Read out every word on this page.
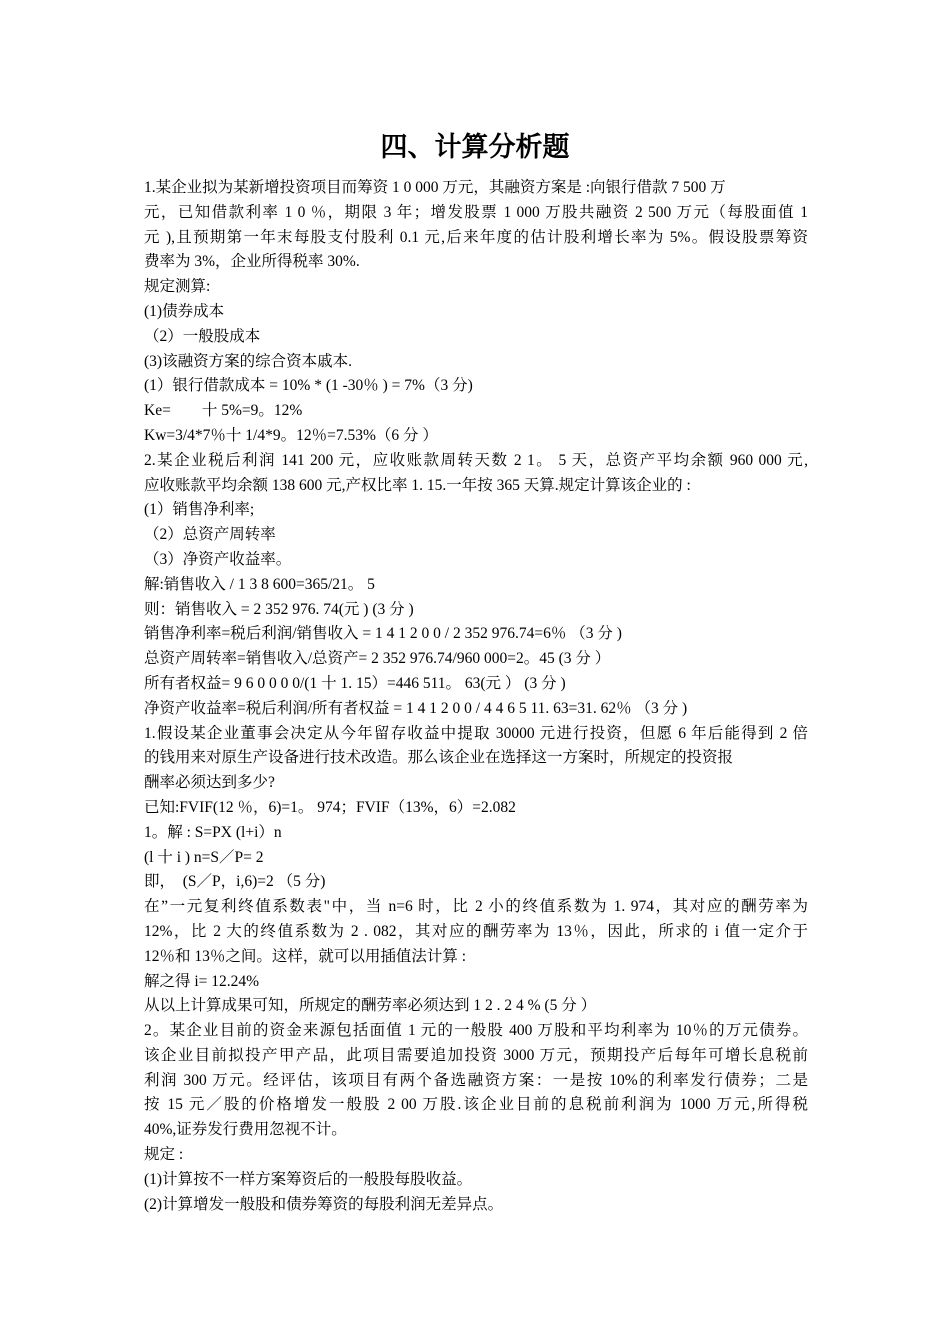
四、计算分析题
1.某企业拟为某新增投资项目而筹资 1 0 000 万元，其融资方案是 :向银行借款 7 500 万
元，已知借款利率 1 0 ％，期限 3 年；增发股票 1 000 万股共融资 2 500 万元（每股面值 1
元 ),且预期第一年末每股支付股利 0.1 元,后来年度的估计股利增长率为 5%。假设股票筹资
费率为 3%，企业所得税率 30%.
规定测算:
(1)债券成本
（2）一般股成本
(3)该融资方案的综合资本戚本.
(1）银行借款成本 = 10% * (1 -30％ ) = 7%（3 分)
Ke=　　十 5%=9。12%
Kw=3/4*7％十 1/4*9。12％=7.53%（6 分 ）
2.某企业税后利润 141 200 元，应收账款周转天数 2 1。 5 天，总资产平均余额 960 000 元,
应收账款平均余额 138 600 元,产权比率 1. 15.一年按 365 天算.规定计算该企业的 :
(1）销售净利率;
（2）总资产周转率
（3）净资产收益率。
解:销售收入 / 1 3 8 600=365/21。 5
则：销售收入 = 2 352 976. 74(元 ) (3 分 )
销售净利率=税后利润/销售收入 = 1 4 1 2 0 0 / 2 352 976.74=6％ （3 分 )
总资产周转率=销售收入/总资产= 2 352 976.74/960 000=2。45 (3 分 ）
所有者权益= 9 6 0 0 0 0/(1 十 1. 15）=446 511。 63(元 ） (3 分 )
净资产收益率=税后利润/所有者权益 = 1 4 1 2 0 0 / 4 4 6 5 11. 63=31. 62％ （3 分 )
1.假设某企业董事会决定从今年留存收益中提取 30000 元进行投资，但愿 6 年后能得到 2 倍
的钱用来对原生产设备进行技术改造。那么该企业在选择这一方案时，所规定的投资报
酬率必须达到多少?
已知:FVIF(12 ％，6)=1。 974；FVIF（13%，6）=2.082
1。解 : S=PX (l+i）n
(l 十 i ) n=S／P= 2
即，　(S／P，i,6)=2 （5 分)
在”一元复利终值系数表"中，当 n=6 时，比 2 小的终值系数为 1. 974，其对应的酬劳率为
12%，比 2 大的终值系数为 2 . 082，其对应的酬劳率为 13％，因此，所求的 i 值一定介于
12％和 13％之间。这样，就可以用插值法计算 :
解之得 i= 12.24%
从以上计算成果可知，所规定的酬劳率必须达到 1 2 . 2 4 % (5 分 ）
2。某企业目前的资金来源包括面值 1 元的一般股 400 万股和平均利率为 10％的万元债券。
该企业目前拟投产甲产品，此项目需要追加投资 3000 万元，预期投产后每年可增长息税前
利润 300 万元。经评估，该项目有两个备选融资方案：一是按 10%的利率发行债券；二是
按 15 元／股的价格增发一般股 2 00 万股.该企业目前的息税前利润为 1000 万元,所得税
40%,证券发行费用忽视不计。
规定 :
(1)计算按不一样方案筹资后的一般股每股收益。
(2)计算增发一般股和债券筹资的每股利润无差异点。
